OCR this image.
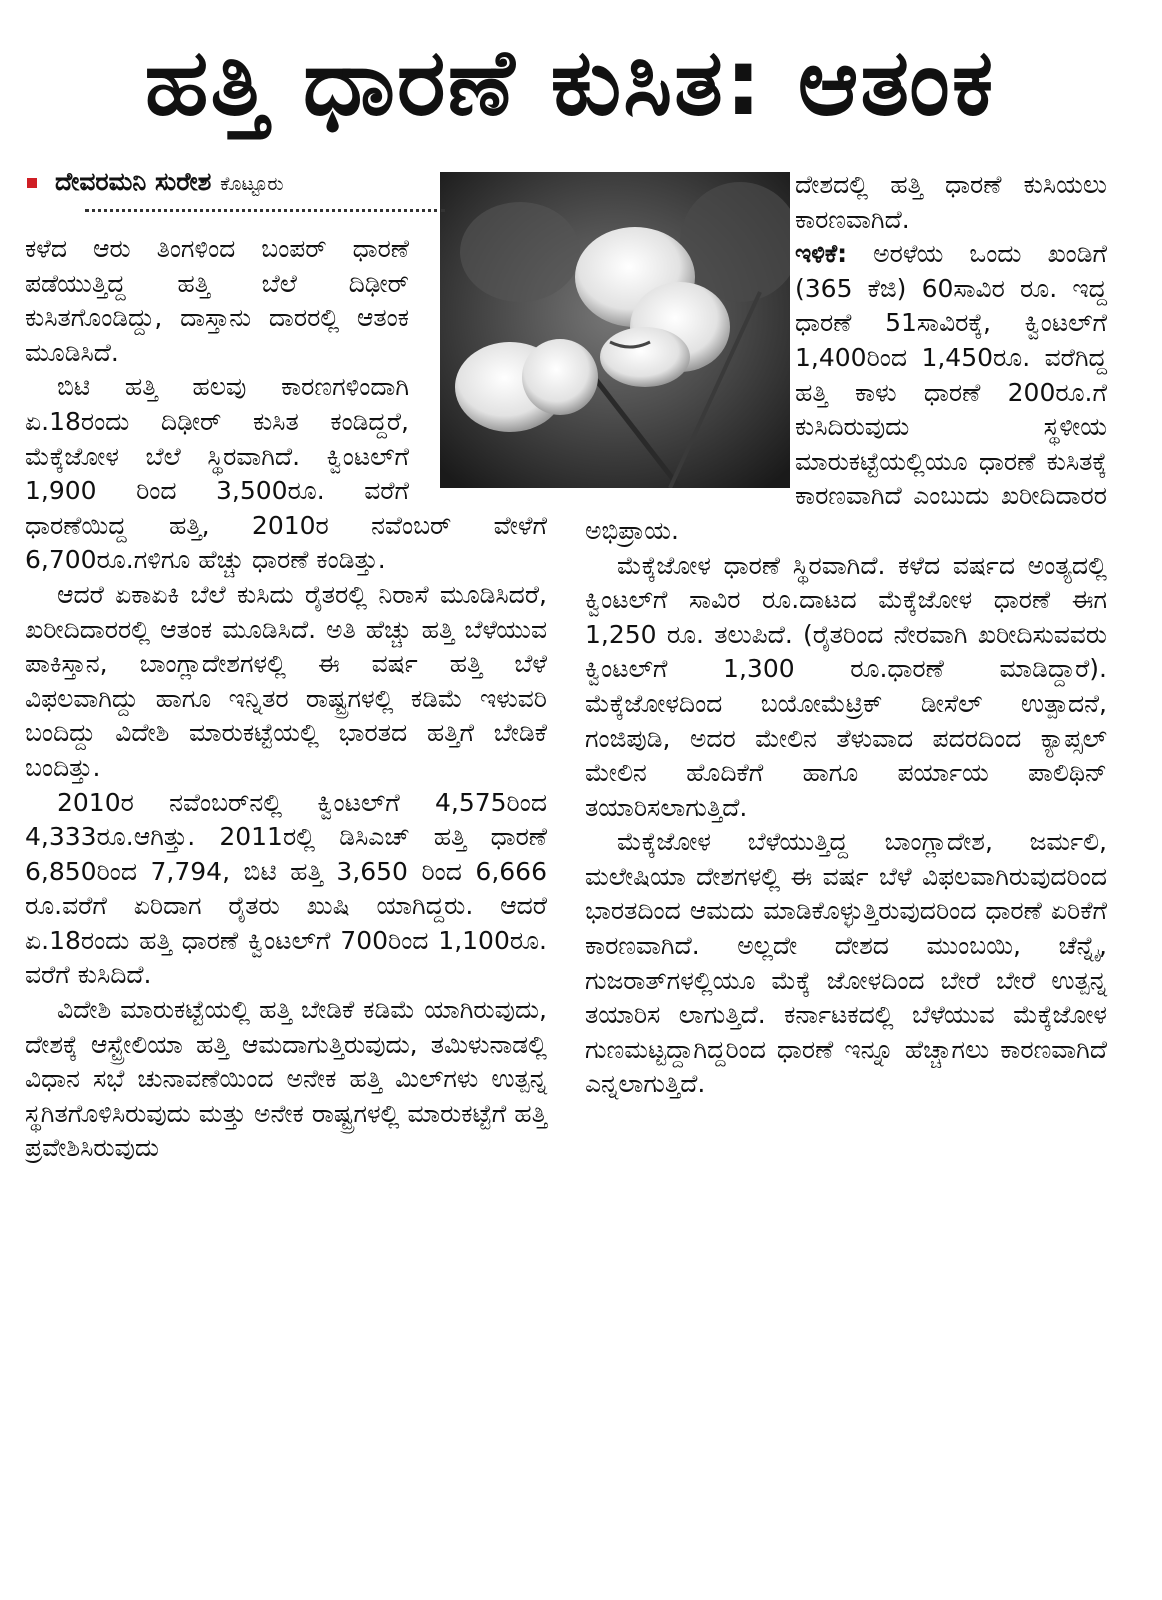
ಹತ್ತಿ ಧಾರಣೆ ಕುಸಿತ: ಆತಂಕ
ದೇವರಮನಿ ಸುರೇಶ ಕೊಟ್ಟೂರು

ಕಳೆದ ಆರು ತಿಂಗಳಿಂದ ಬಂಪರ್ ಧಾರಣೆ ಪಡೆಯುತ್ತಿದ್ದ ಹತ್ತಿ ಬೆಲೆ ದಿಢೀರ್ ಕುಸಿತಗೊಂಡಿದ್ದು, ದಾಸ್ತಾನು ದಾರರಲ್ಲಿ ಆತಂಕ ಮೂಡಿಸಿದೆ.

ಬಿಟಿ ಹತ್ತಿ ಹಲವು ಕಾರಣಗಳಿಂದಾಗಿ ಏ.18ರಂದು ದಿಢೀರ್ ಕುಸಿತ ಕಂಡಿದ್ದರೆ, ಮೆಕ್ಕೆಜೋಳ ಬೆಲೆ ಸ್ಥಿರವಾಗಿದೆ. ಕ್ವಿಂಟಲ್‌ಗೆ 1,900 ರಿಂದ 3,500ರೂ. ವರೆಗೆ ಧಾರಣೆಯಿದ್ದ ಹತ್ತಿ, 2010ರ ನವೆಂಬರ್ ವೇಳೆಗೆ 6,700ರೂ.ಗಳಿಗೂ ಹೆಚ್ಚು ಧಾರಣೆ ಕಂಡಿತ್ತು.

ಆದರೆ ಏಕಾಏಕಿ ಬೆಲೆ ಕುಸಿದು ರೈತರಲ್ಲಿ ನಿರಾಸೆ ಮೂಡಿಸಿದರೆ, ಖರೀದಿದಾರರಲ್ಲಿ ಆತಂಕ ಮೂಡಿಸಿದೆ. ಅತಿ ಹೆಚ್ಚು ಹತ್ತಿ ಬೆಳೆಯುವ ಪಾಕಿಸ್ತಾನ, ಬಾಂಗ್ಲಾದೇಶಗಳಲ್ಲಿ ಈ ವರ್ಷ ಹತ್ತಿ ಬೆಳೆ ವಿಫಲವಾಗಿದ್ದು ಹಾಗೂ ಇನ್ನಿತರ ರಾಷ್ಟ್ರಗಳಲ್ಲಿ ಕಡಿಮೆ ಇಳುವರಿ ಬಂದಿದ್ದು ವಿದೇಶಿ ಮಾರುಕಟ್ಟೆಯಲ್ಲಿ ಭಾರತದ ಹತ್ತಿಗೆ ಬೇಡಿಕೆ ಬಂದಿತ್ತು.

2010ರ ನವೆಂಬರ್‌ನಲ್ಲಿ ಕ್ವಿಂಟಲ್‌ಗೆ 4,575ರಿಂದ 4,333ರೂ.ಆಗಿತ್ತು. 2011ರಲ್ಲಿ ಡಿಸಿಎಚ್ ಹತ್ತಿ ಧಾರಣೆ 6,850ರಿಂದ 7,794, ಬಿಟಿ ಹತ್ತಿ 3,650 ರಿಂದ 6,666 ರೂ.ವರೆಗೆ ಏರಿದಾಗ ರೈತರು ಖುಷಿ ಯಾಗಿದ್ದರು. ಆದರೆ ಏ.18ರಂದು ಹತ್ತಿ ಧಾರಣೆ ಕ್ವಿಂಟಲ್‌ಗೆ 700ರಿಂದ 1,100ರೂ. ವರೆಗೆ ಕುಸಿದಿದೆ.

ವಿದೇಶಿ ಮಾರುಕಟ್ಟೆಯಲ್ಲಿ ಹತ್ತಿ ಬೇಡಿಕೆ ಕಡಿಮೆ ಯಾಗಿರುವುದು, ದೇಶಕ್ಕೆ ಆಸ್ಟ್ರೇಲಿಯಾ ಹತ್ತಿ ಆಮದಾಗುತ್ತಿರುವುದು, ತಮಿಳುನಾಡಲ್ಲಿ ವಿಧಾನ ಸಭೆ ಚುನಾವಣೆಯಿಂದ ಅನೇಕ ಹತ್ತಿ ಮಿಲ್‌ಗಳು ಉತ್ಪನ್ನ ಸ್ಥಗಿತಗೊಳಿಸಿರುವುದು ಮತ್ತು ಅನೇಕ ರಾಷ್ಟ್ರಗಳಲ್ಲಿ ಮಾರುಕಟ್ಟೆಗೆ ಹತ್ತಿ ಪ್ರವೇಶಿಸಿರುವುದು

ದೇಶದಲ್ಲಿ ಹತ್ತಿ ಧಾರಣೆ ಕುಸಿಯಲು ಕಾರಣವಾಗಿದೆ.

ಇಳಿಕೆ: ಅರಳೆಯ ಒಂದು ಖಂಡಿಗೆ (365 ಕೆಜಿ) 60ಸಾವಿರ ರೂ. ಇದ್ದ ಧಾರಣೆ 51ಸಾವಿರಕ್ಕೆ, ಕ್ವಿಂಟಲ್‌ಗೆ 1,400ರಿಂದ 1,450ರೂ. ವರೆಗಿದ್ದ ಹತ್ತಿ ಕಾಳು ಧಾರಣೆ 200ರೂ.ಗೆ ಕುಸಿದಿರುವುದು ಸ್ಥಳೀಯ ಮಾರುಕಟ್ಟೆಯಲ್ಲಿಯೂ ಧಾರಣೆ ಕುಸಿತಕ್ಕೆ ಕಾರಣವಾಗಿದೆ ಎಂಬುದು ಖರೀದಿದಾರರ ಅಭಿಪ್ರಾಯ.

ಮೆಕ್ಕೆಜೋಳ ಧಾರಣೆ ಸ್ಥಿರವಾಗಿದೆ. ಕಳೆದ ವರ್ಷದ ಅಂತ್ಯದಲ್ಲಿ ಕ್ವಿಂಟಲ್‌ಗೆ ಸಾವಿರ ರೂ.ದಾಟದ ಮೆಕ್ಕೆಜೋಳ ಧಾರಣೆ ಈಗ 1,250 ರೂ. ತಲುಪಿದೆ. (ರೈತರಿಂದ ನೇರವಾಗಿ ಖರೀದಿಸುವವರು ಕ್ವಿಂಟಲ್‌ಗೆ 1,300 ರೂ.ಧಾರಣೆ ಮಾಡಿದ್ದಾರೆ). ಮೆಕ್ಕೆಜೋಳದಿಂದ ಬಯೋಮೆಟ್ರಿಕ್ ಡೀಸೆಲ್ ಉತ್ಪಾದನೆ, ಗಂಜಿಪುಡಿ, ಅದರ ಮೇಲಿನ ತೆಳುವಾದ ಪದರದಿಂದ ಕ್ಯಾಪ್ಸಲ್ ಮೇಲಿನ ಹೊದಿಕೆಗೆ ಹಾಗೂ ಪರ್ಯಾಯ ಪಾಲಿಥಿನ್ ತಯಾರಿಸಲಾಗುತ್ತಿದೆ.

ಮೆಕ್ಕೆಜೋಳ ಬೆಳೆಯುತ್ತಿದ್ದ ಬಾಂಗ್ಲಾದೇಶ, ಜರ್ಮಲಿ, ಮಲೇಷಿಯಾ ದೇಶಗಳಲ್ಲಿ ಈ ವರ್ಷ ಬೆಳೆ ವಿಫಲವಾಗಿರುವುದರಿಂದ ಭಾರತದಿಂದ ಆಮದು ಮಾಡಿಕೊಳ್ಳುತ್ತಿರುವುದರಿಂದ ಧಾರಣೆ ಏರಿಕೆಗೆ ಕಾರಣವಾಗಿದೆ. ಅಲ್ಲದೇ ದೇಶದ ಮುಂಬಯಿ, ಚೆನ್ನೈ, ಗುಜರಾತ್‌ಗಳಲ್ಲಿಯೂ ಮೆಕ್ಕೆ ಜೋಳದಿಂದ ಬೇರೆ ಬೇರೆ ಉತ್ಪನ್ನ ತಯಾರಿಸ ಲಾಗುತ್ತಿದೆ. ಕರ್ನಾಟಕದಲ್ಲಿ ಬೆಳೆಯುವ ಮೆಕ್ಕೆಜೋಳ ಗುಣಮಟ್ಟದ್ದಾಗಿದ್ದರಿಂದ ಧಾರಣೆ ಇನ್ನೂ ಹೆಚ್ಚಾಗಲು ಕಾರಣವಾಗಿದೆ ಎನ್ನಲಾಗುತ್ತಿದೆ.
